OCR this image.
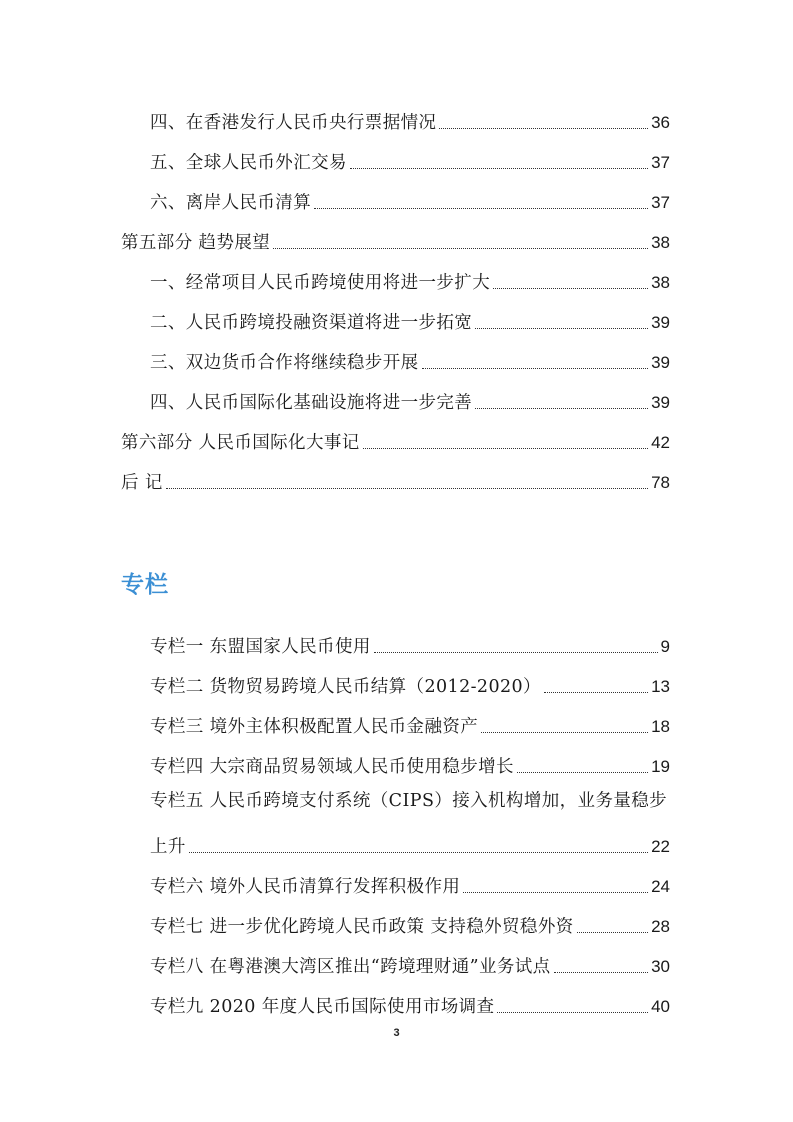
四、在香港发行人民币央行票据情况	36
五、全球人民币外汇交易	37
六、离岸人民币清算	37
第五部分 趋势展望	38
一、经常项目人民币跨境使用将进一步扩大	38
二、人民币跨境投融资渠道将进一步拓宽	39
三、双边货币合作将继续稳步开展	39
四、人民币国际化基础设施将进一步完善	39
第六部分 人民币国际化大事记	42
后 记	78
专栏
专栏一 东盟国家人民币使用	9
专栏二 货物贸易跨境人民币结算（2012-2020）	13
专栏三 境外主体积极配置人民币金融资产	18
专栏四 大宗商品贸易领域人民币使用稳步增长	19
专栏五 人民币跨境支付系统（CIPS）接入机构增加，业务量稳步
上升	22
专栏六 境外人民币清算行发挥积极作用	24
专栏七 进一步优化跨境人民币政策 支持稳外贸稳外资	28
专栏八 在粤港澳大湾区推出“跨境理财通”业务试点	30
专栏九 2020 年度人民币国际使用市场调查	40
3
